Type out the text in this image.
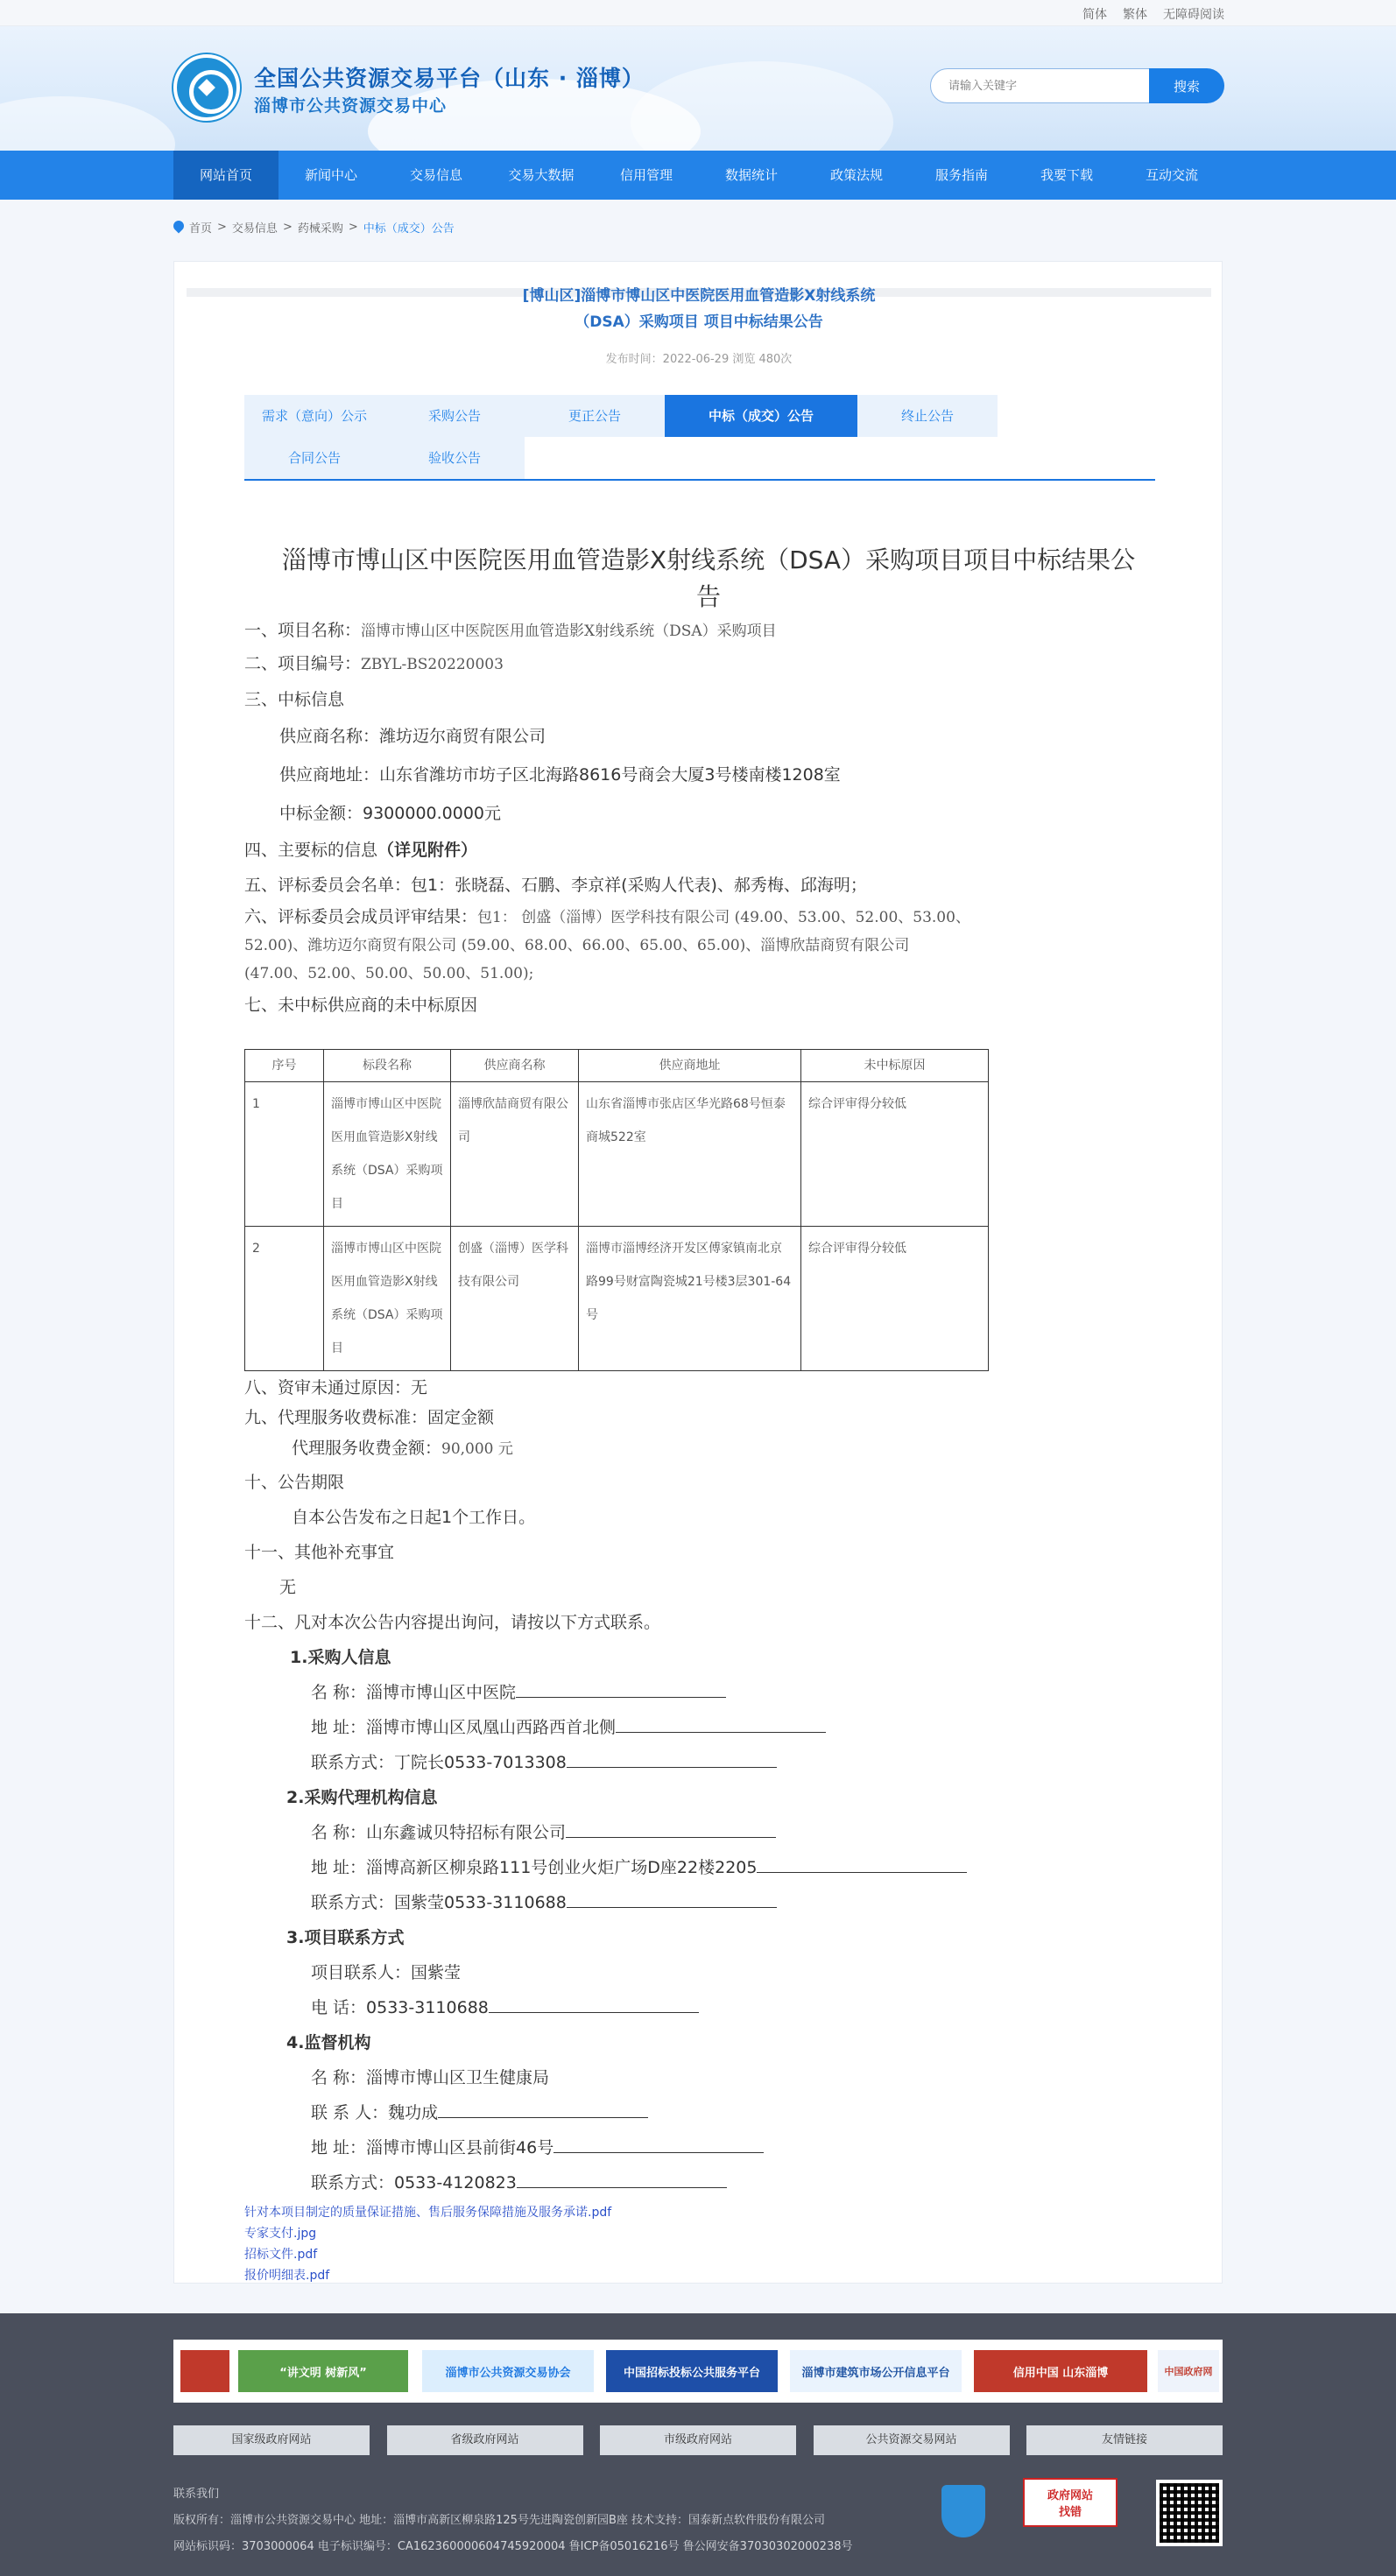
简体 繁体 无障碍阅读
全国公共资源交易平台（山东 · 淄博）
淄博市公共资源交易中心
请输入关键字
搜索
网站首页	新闻中心	交易信息	交易大数据	信用管理	数据统计	政策法规	服务指南	我要下载	互动交流
首页 > 交易信息 > 药械采购 > 中标（成交）公告
[博山区]淄博市博山区中医院医用血管造影X射线系统
（DSA）采购项目 项目中标结果公告
发布时间：2022-06-29 浏览 480次
需求（意向）公示	采购公告	更正公告	中标（成交）公告	终止公告
合同公告	验收公告
淄博市博山区中医院医用血管造影X射线系统（DSA）采购项目项目中标结果公
告
一、项目名称：淄博市博山区中医院医用血管造影X射线系统（DSA）采购项目
二、项目编号：ZBYL-BS20220003
三、中标信息
供应商名称：潍坊迈尔商贸有限公司
供应商地址：山东省潍坊市坊子区北海路8616号商会大厦3号楼南楼1208室
中标金额：9300000.0000元
四、主要标的信息（详见附件）
五、评标委员会名单：包1：张晓磊、石鹏、李京祥(采购人代表)、郝秀梅、邱海明；
六、评标委员会成员评审结果：包1： 创盛（淄博）医学科技有限公司 (49.00、53.00、52.00、53.00、
52.00)、潍坊迈尔商贸有限公司 (59.00、68.00、66.00、65.00、65.00)、淄博欣喆商贸有限公司
(47.00、52.00、50.00、50.00、51.00);
七、未中标供应商的未中标原因
序号	标段名称	供应商名称	供应商地址	未中标原因
1	淄博市博山区中医院医用血管造影X射线系统（DSA）采购项目	淄博欣喆商贸有限公司	山东省淄博市张店区华光路68号恒泰商城522室	综合评审得分较低
2	淄博市博山区中医院医用血管造影X射线系统（DSA）采购项目	创盛（淄博）医学科技有限公司	淄博市淄博经济开发区傅家镇南北京路99号财富陶瓷城21号楼3层301-64号	综合评审得分较低
八、资审未通过原因：无
九、代理服务收费标准：固定金额
代理服务收费金额：90,000 元
十、公告期限
自本公告发布之日起1个工作日。
十一、其他补充事宜
无
十二、凡对本次公告内容提出询问，请按以下方式联系。
1.采购人信息
名 称：淄博市博山区中医院
地 址：淄博市博山区凤凰山西路西首北侧
联系方式：丁院长0533-7013308
2.采购代理机构信息
名 称：山东鑫诚贝特招标有限公司
地 址：淄博高新区柳泉路111号创业火炬广场D座22楼2205
联系方式：国紫莹0533-3110688
3.项目联系方式
项目联系人：国紫莹
电 话：0533-3110688
4.监督机构
名 称：淄博市博山区卫生健康局
联 系 人：魏功成
地 址：淄博市博山区县前街46号
联系方式：0533-4120823
针对本项目制定的质量保证措施、售后服务保障措施及服务承诺.pdf
专家支付.jpg
招标文件.pdf
报价明细表.pdf
“讲文明 树新风”	淄博市公共资源交易协会	中国招标投标公共服务平台	淄博市建筑市场公开信息平台	信用中国 山东淄博	中国政府网
国家级政府网站	省级政府网站	市级政府网站	公共资源交易网站	友情链接
联系我们
版权所有：淄博市公共资源交易中心 地址：淄博市高新区柳泉路125号先进陶瓷创新园B座 技术支持：国泰新点软件股份有限公司
网站标识码：3703000064 电子标识编号：CA162360000604745920004 鲁ICP备05016216号 鲁公网安备37030302000238号
政府网站
找错
